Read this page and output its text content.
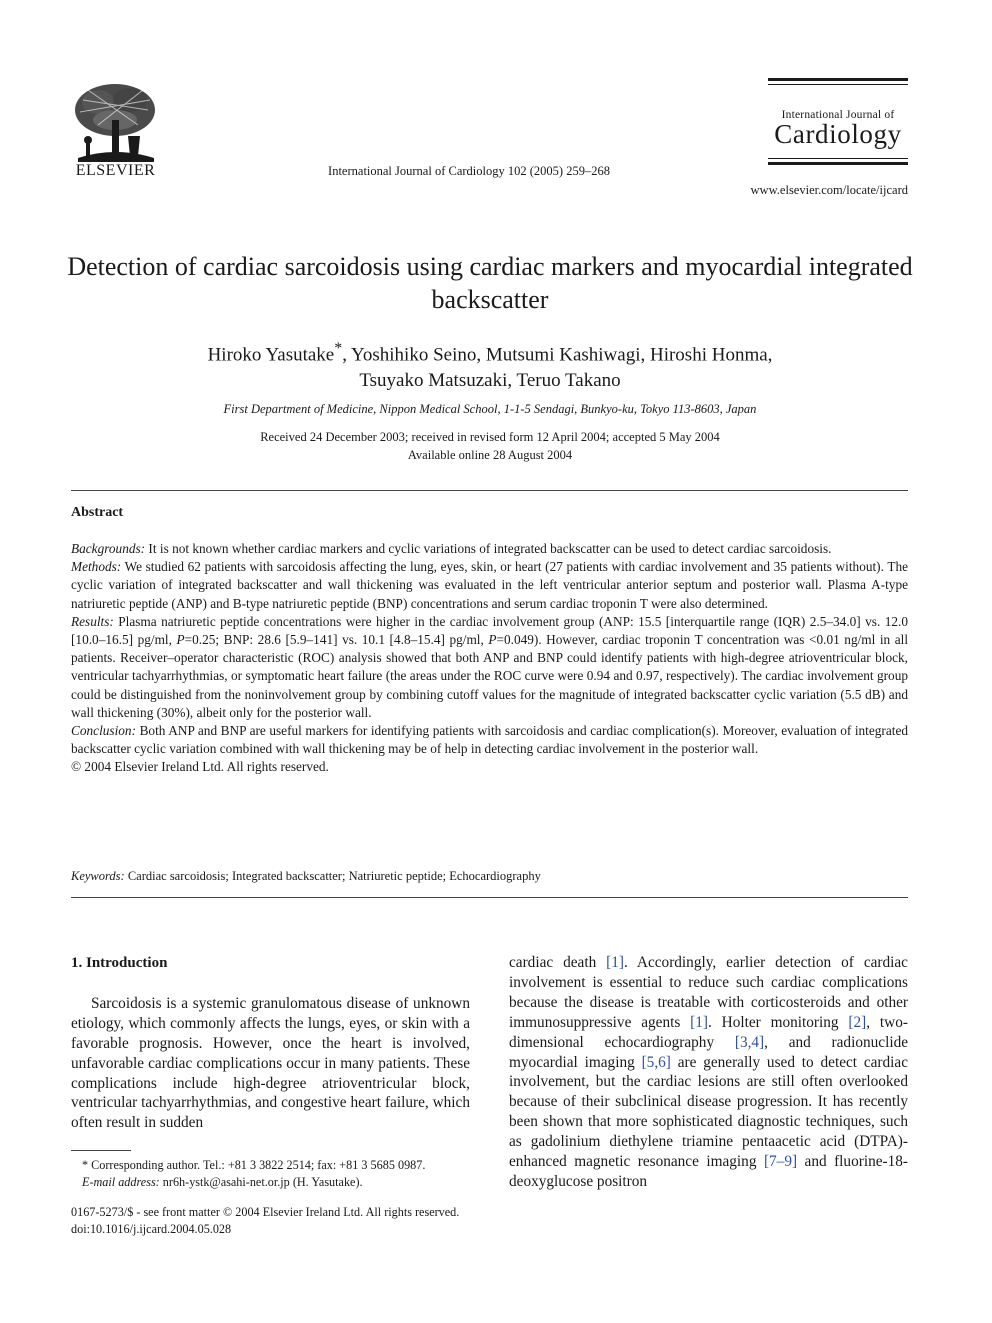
ELSEVIER	International Journal of Cardiology 102 (2005) 259–268
International Journal of
Cardiology
www.elsevier.com/locate/ijcard
Detection of cardiac sarcoidosis using cardiac markers and myocardial integrated backscatter
Hiroko Yasutake*, Yoshihiko Seino, Mutsumi Kashiwagi, Hiroshi Honma,
Tsuyako Matsuzaki, Teruo Takano
First Department of Medicine, Nippon Medical School, 1-1-5 Sendagi, Bunkyo-ku, Tokyo 113-8603, Japan
Received 24 December 2003; received in revised form 12 April 2004; accepted 5 May 2004
Available online 28 August 2004
Abstract

Backgrounds: It is not known whether cardiac markers and cyclic variations of integrated backscatter can be used to detect cardiac sarcoidosis.

Methods: We studied 62 patients with sarcoidosis affecting the lung, eyes, skin, or heart (27 patients with cardiac involvement and 35 patients without). The cyclic variation of integrated backscatter and wall thickening was evaluated in the left ventricular anterior septum and posterior wall. Plasma A-type natriuretic peptide (ANP) and B-type natriuretic peptide (BNP) concentrations and serum cardiac troponin T were also determined.

Results: Plasma natriuretic peptide concentrations were higher in the cardiac involvement group (ANP: 15.5 [interquartile range (IQR) 2.5–34.0] vs. 12.0 [10.0–16.5] pg/ml, P=0.25; BNP: 28.6 [5.9–141] vs. 10.1 [4.8–15.4] pg/ml, P=0.049). However, cardiac troponin T concentration was <0.01 ng/ml in all patients. Receiver–operator characteristic (ROC) analysis showed that both ANP and BNP could identify patients with high-degree atrioventricular block, ventricular tachyarrhythmias, or symptomatic heart failure (the areas under the ROC curve were 0.94 and 0.97, respectively). The cardiac involvement group could be distinguished from the noninvolvement group by combining cutoff values for the magnitude of integrated backscatter cyclic variation (5.5 dB) and wall thickening (30%), albeit only for the posterior wall.

Conclusion: Both ANP and BNP are useful markers for identifying patients with sarcoidosis and cardiac complication(s). Moreover, evaluation of integrated backscatter cyclic variation combined with wall thickening may be of help in detecting cardiac involvement in the posterior wall.

© 2004 Elsevier Ireland Ltd. All rights reserved.

Keywords: Cardiac sarcoidosis; Integrated backscatter; Natriuretic peptide; Echocardiography
1. Introduction

Sarcoidosis is a systemic granulomatous disease of unknown etiology, which commonly affects the lungs, eyes, or skin with a favorable prognosis. However, once the heart is involved, unfavorable cardiac complications occur in many patients. These complications include high-degree atrioventricular block, ventricular tachyarrhythmias, and congestive heart failure, which often result in sudden

cardiac death [1]. Accordingly, earlier detection of cardiac involvement is essential to reduce such cardiac complications because the disease is treatable with corticosteroids and other immunosuppressive agents [1]. Holter monitoring [2], two-dimensional echocardiography [3,4], and radionuclide myocardial imaging [5,6] are generally used to detect cardiac involvement, but the cardiac lesions are still often overlooked because of their subclinical disease progression. It has recently been shown that more sophisticated diagnostic techniques, such as gadolinium diethylene triamine pentaacetic acid (DTPA)-enhanced magnetic resonance imaging [7–9] and fluorine-18-deoxyglucose positron

* Corresponding author. Tel.: +81 3 3822 2514; fax: +81 3 5685 0987.
E-mail address: nr6h-ystk@asahi-net.or.jp (H. Yasutake).
0167-5273/$ - see front matter © 2004 Elsevier Ireland Ltd. All rights reserved.
doi:10.1016/j.ijcard.2004.05.028
